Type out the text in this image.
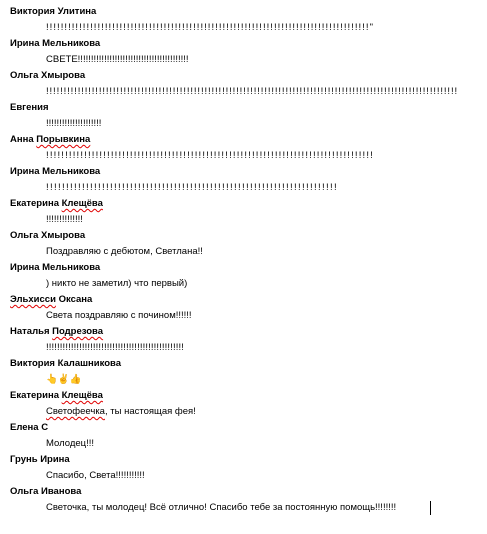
Виктория Улитина
!!!!!!!!!!!!!!!!!!!!!!!!!!!!!!!!!!!!!!!!!!!!!!!!!!!!!!!!!!!!!!!!!!!!!!!!!!!!!!!!!!!!!!!!"
Ирина Мельникова
СВЕТЕ!!!!!!!!!!!!!!!!!!!!!!!!!!!!!!!!!!!!!!!!!!
Ольга Хмырова
!!!!!!!!!!!!!!!!!!!!!!!!!!!!!!!!!!!!!!!!!!!!!!!!!!!!!!!!!!!!!!!!!!!!!!!!!!!!!!!!!!!!!!!!!!!!!!!!!!!!!!!!!!!!!!!!!!!!!
Евгения
!!!!!!!!!!!!!!!!!!!!!
Анна Порывкина
!!!!!!!!!!!!!!!!!!!!!!!!!!!!!!!!!!!!!!!!!!!!!!!!!!!!!!!!!!!!!!!!!!!!!!!!!!!!!!!!!!!!!!
Ирина Мельникова
!!!!!!!!!!!!!!!!!!!!!!!!!!!!!!!!!!!!!!!!!!!!!!!!!!!!!!!!!!!!!!!!!!!!!!!!!
Екатерина Клещёва
!!!!!!!!!!!!!!
Ольга Хмырова
Поздравляю с дебютом, Светлана!!
Ирина Мельникова
) никто не заметил) что первый)
Эльхисси Оксана
Света поздравляю с почином!!!!!!
Наталья Подрезова
!!!!!!!!!!!!!!!!!!!!!!!!!!!!!!!!!!!!!!!!!!!!!!!!!!
Виктория Калашникова
👆✌👍
Екатерина Клещёва
Светофеечка, ты настоящая фея!
Елена С
Молодец!!!
Грунь Ирина
Спасибо, Света!!!!!!!!!!!
Ольга Иванова
Светочка, ты молодец! Всё отлично! Спасибо тебе за постоянную помощь!!!!!!!!
